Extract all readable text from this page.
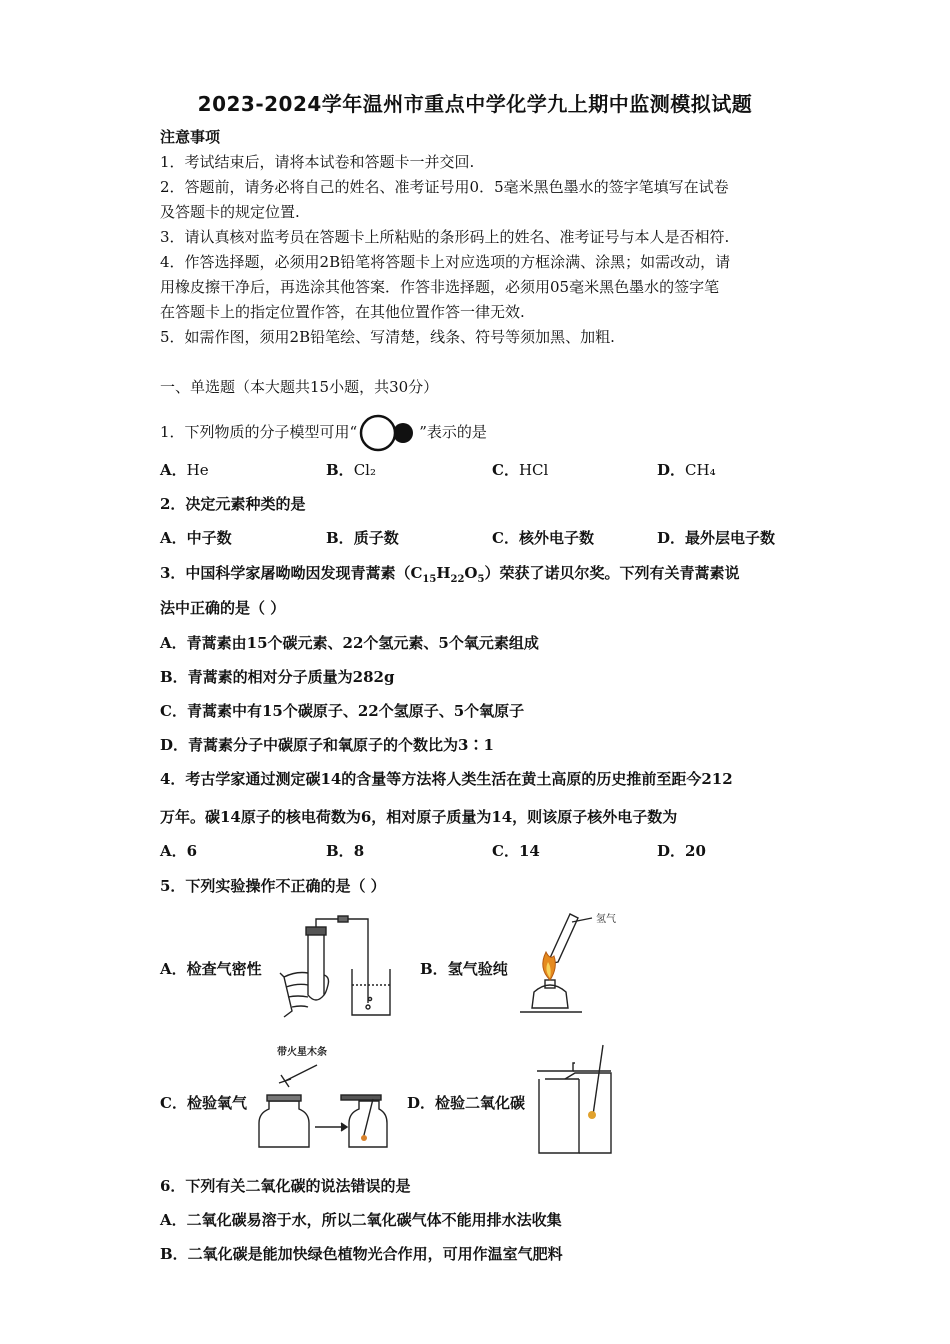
2023-2024学年温州市重点中学化学九上期中监测模拟试题
注意事项
1．考试结束后，请将本试卷和答题卡一并交回.
2．答题前，请务必将自己的姓名、准考证号用0．5毫米黑色墨水的签字笔填写在试卷
及答题卡的规定位置.
3．请认真核对监考员在答题卡上所粘贴的条形码上的姓名、准考证号与本人是否相符.
4．作答选择题，必须用2B铅笔将答题卡上对应选项的方框涂满、涂黑；如需改动，请
用橡皮擦干净后，再选涂其他答案．作答非选择题，必须用05毫米黑色墨水的签字笔
在答题卡上的指定位置作答，在其他位置作答一律无效.
5．如需作图，须用2B铅笔绘、写清楚，线条、符号等须加黑、加粗.
一、单选题（本大题共15小题，共30分）
1．下列物质的分子模型可用“	”表示的是
A．He	B．Cl₂	C．HCl	D．CH₄
2．决定元素种类的是
A．中子数	B．质子数	C．核外电子数	D．最外层电子数
3．中国科学家屠呦呦因发现青蒿素$(C_{15}H_{22}O_5)$荣获了诺贝尔奖。下列有关青蒿素说
法中正确的是（ ）
A．青蒿素由15个碳元素、22个氢元素、5个氧元素组成
B．青蒿素的相对分子质量为282g
C．青蒿素中有15个碳原子、22个氢原子、5个氧原子
D．青蒿素分子中碳原子和氧原子的个数比为3∶1
4．考古学家通过测定碳14的含量等方法将人类生活在黄土高原的历史推前至距今212
万年。碳14原子的核电荷数为6，相对原子质量为14，则该原子核外电子数为
A．6	B．8	C．14	D．20
5．下列实验操作不正确的是（ ）
A．检查气密性	B．氢气验纯
氢气
带火星木条
C．检验氧气	D．检验二氧化碳
6．下列有关二氧化碳的说法错误的是
A．二氧化碳易溶于水，所以二氧化碳气体不能用排水法收集
B．二氧化碳是能加快绿色植物光合作用，可用作温室气肥料
